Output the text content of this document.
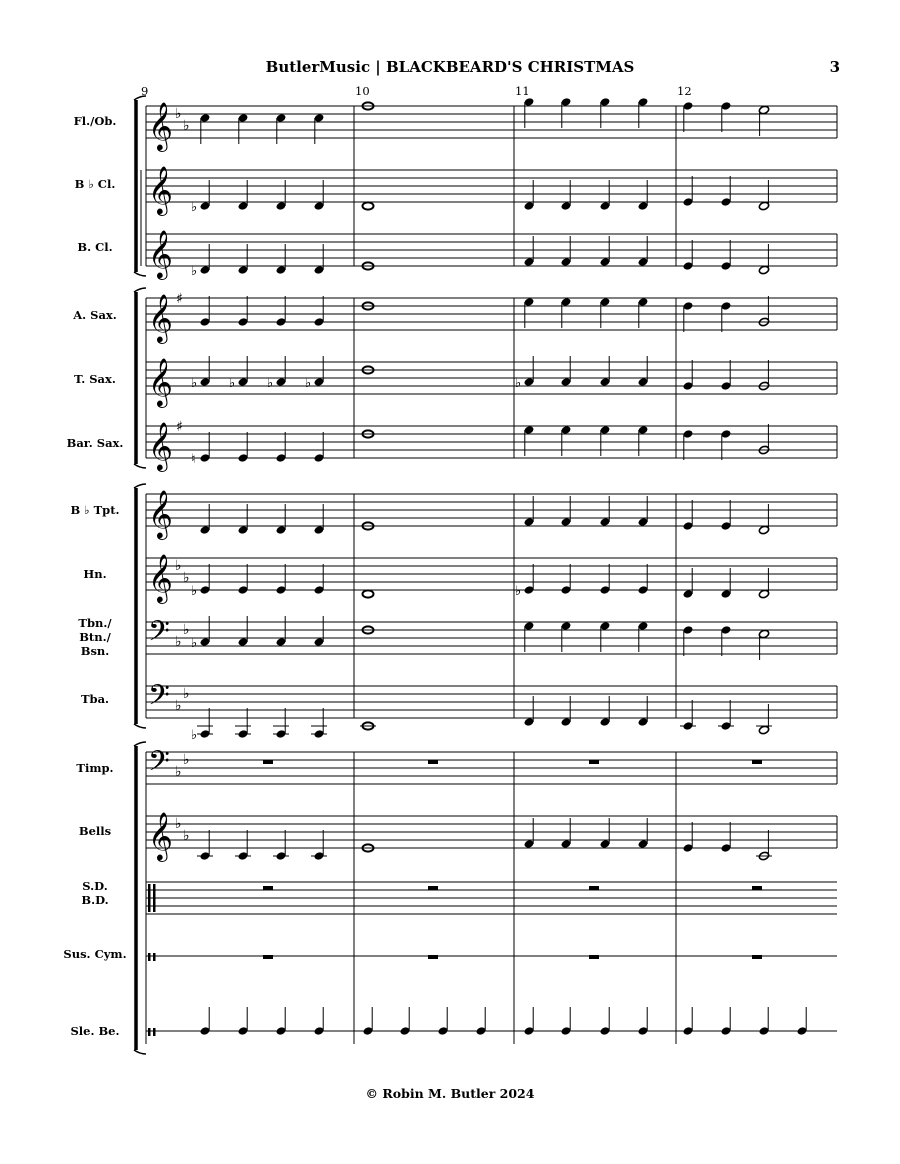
ButlerMusic | BLACKBEARD'S CHRISTMAS	3
9	10	11	12
Fl./Ob.
B ♭ Cl.
B. Cl.
A. Sax.
T. Sax.
Bar. Sax.
B ♭ Tpt.
Hn.
Tbn./
Btn./
Bsn.
Tba.
Timp.
Bells
S.D.
B.D.
Sus. Cym.
Sle. Be.
𝄞 ♭
♭
𝄞
𝄞
𝄞 ♯
𝄞
𝄞 ♯
𝄞
𝄞 ♭
♭
𝄢 ♭
♭
𝄢 ♭
♭
𝄢 ♭
♭
𝄞 ♭
♭
♭
♭
♭ ♭ ♭ ♭	♭
♮
♭	♭
♭
♭
© Robin M. Butler 2024
